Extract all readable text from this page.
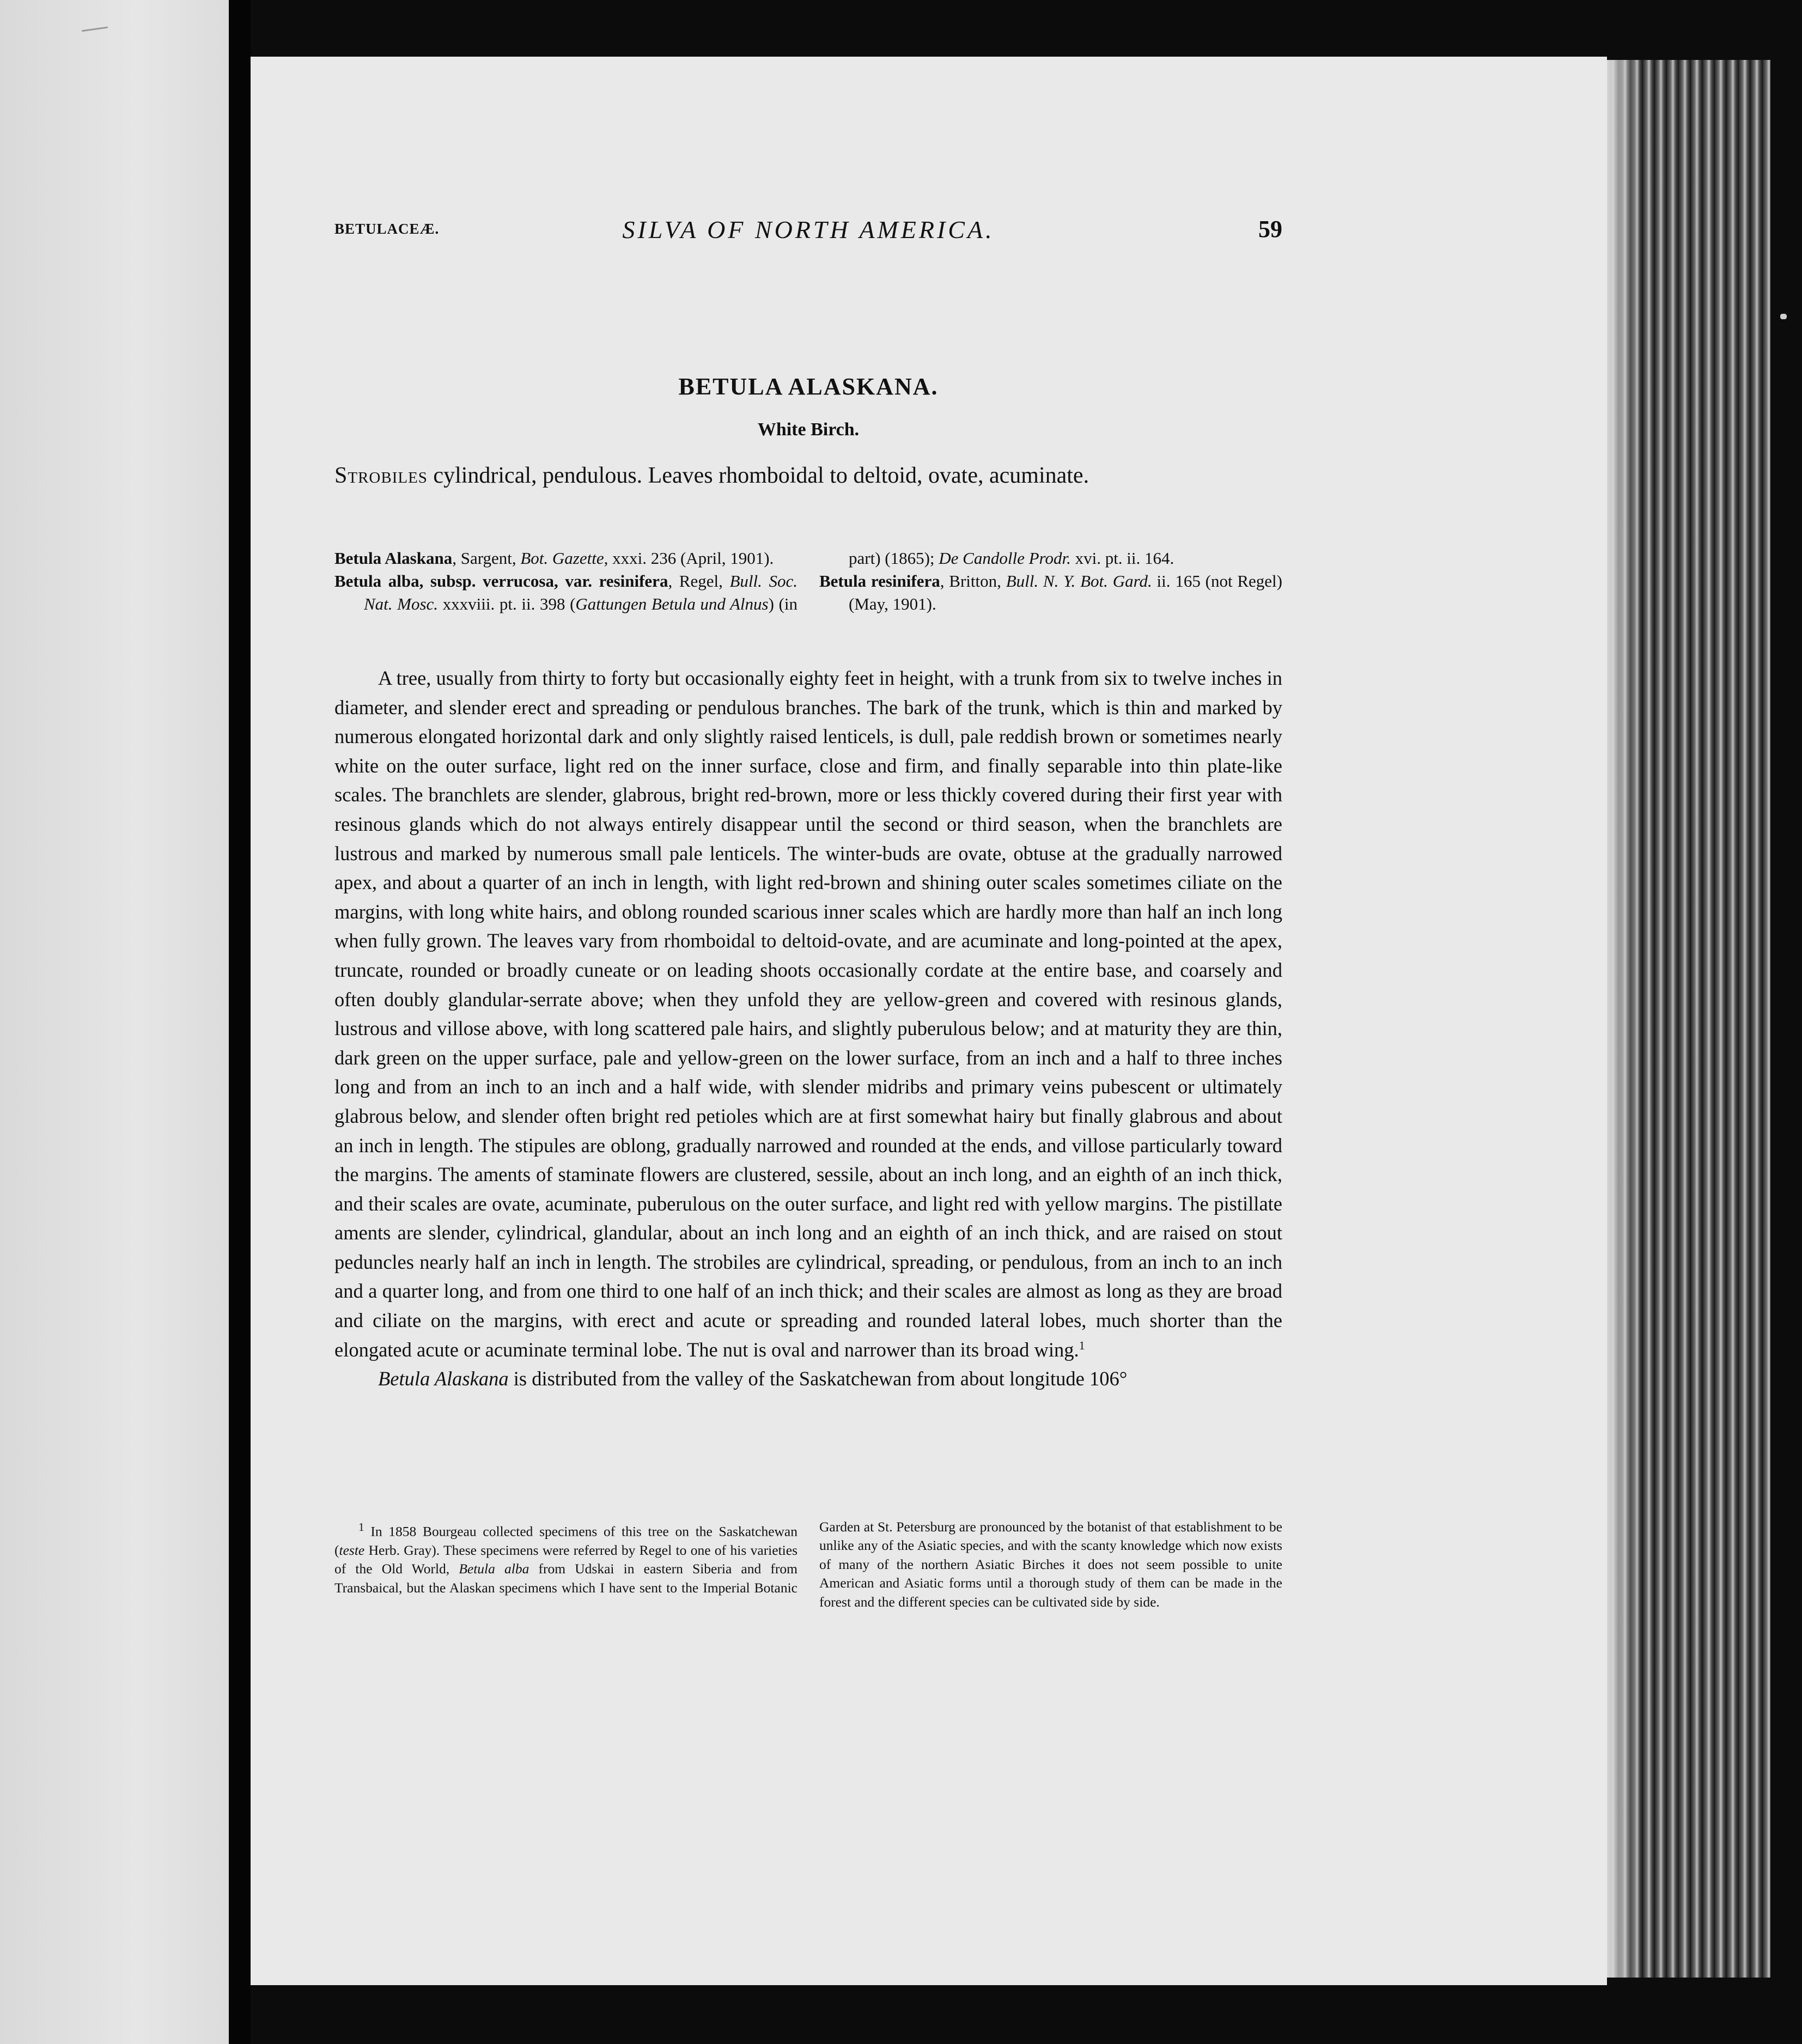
BETULACEÆ.	SILVA OF NORTH AMERICA.	59
BETULA ALASKANA.
White Birch.
Strobiles cylindrical, pendulous. Leaves rhomboidal to deltoid, ovate, acuminate.

Betula Alaskana, Sargent, Bot. Gazette, xxxi. 236 (April, 1901).

Betula alba, subsp. verrucosa, var. resinifera, Regel, Bull. Soc. Nat. Mosc. xxxviii. pt. ii. 398 (Gattungen Betula und Alnus) (in part) (1865); De Candolle Prodr. xvi. pt. ii. 164.

Betula resinifera, Britton, Bull. N. Y. Bot. Gard. ii. 165 (not Regel) (May, 1901).

A tree, usually from thirty to forty but occasionally eighty feet in height, with a trunk from six to twelve inches in diameter, and slender erect and spreading or pendulous branches. The bark of the trunk, which is thin and marked by numerous elongated horizontal dark and only slightly raised lenticels, is dull, pale reddish brown or sometimes nearly white on the outer surface, light red on the inner surface, close and firm, and finally separable into thin plate-like scales. The branchlets are slender, glabrous, bright red-brown, more or less thickly covered during their first year with resinous glands which do not always entirely disappear until the second or third season, when the branchlets are lustrous and marked by numerous small pale lenticels. The winter-buds are ovate, obtuse at the gradually narrowed apex, and about a quarter of an inch in length, with light red-brown and shining outer scales sometimes ciliate on the margins, with long white hairs, and oblong rounded scarious inner scales which are hardly more than half an inch long when fully grown. The leaves vary from rhomboidal to deltoid-ovate, and are acuminate and long-pointed at the apex, truncate, rounded or broadly cuneate or on leading shoots occasionally cordate at the entire base, and coarsely and often doubly glandular-serrate above; when they unfold they are yellow-green and covered with resinous glands, lustrous and villose above, with long scattered pale hairs, and slightly puberulous below; and at maturity they are thin, dark green on the upper surface, pale and yellow-green on the lower surface, from an inch and a half to three inches long and from an inch to an inch and a half wide, with slender midribs and primary veins pubescent or ultimately glabrous below, and slender often bright red petioles which are at first somewhat hairy but finally glabrous and about an inch in length. The stipules are oblong, gradually narrowed and rounded at the ends, and villose particularly toward the margins. The aments of staminate flowers are clustered, sessile, about an inch long, and an eighth of an inch thick, and their scales are ovate, acuminate, puberulous on the outer surface, and light red with yellow margins. The pistillate aments are slender, cylindrical, glandular, about an inch long and an eighth of an inch thick, and are raised on stout peduncles nearly half an inch in length. The strobiles are cylindrical, spreading, or pendulous, from an inch to an inch and a quarter long, and from one third to one half of an inch thick; and their scales are almost as long as they are broad and ciliate on the margins, with erect and acute or spreading and rounded lateral lobes, much shorter than the elongated acute or acuminate terminal lobe. The nut is oval and narrower than its broad wing.$^1$

Betula Alaskana is distributed from the valley of the Saskatchewan from about longitude 106°

$^1$ In 1858 Bourgeau collected specimens of this tree on the Saskatchewan (teste Herb. Gray). These specimens were referred by Regel to one of his varieties of the Old World, Betula alba from Udskai in eastern Siberia and from Transbaical, but the Alaskan specimens which I have sent to the Imperial Botanic Garden at St. Petersburg are pronounced by the botanist of that establishment to be unlike any of the Asiatic species, and with the scanty knowledge which now exists of many of the northern Asiatic Birches it does not seem possible to unite American and Asiatic forms until a thorough study of them can be made in the forest and the different species can be cultivated side by side.
